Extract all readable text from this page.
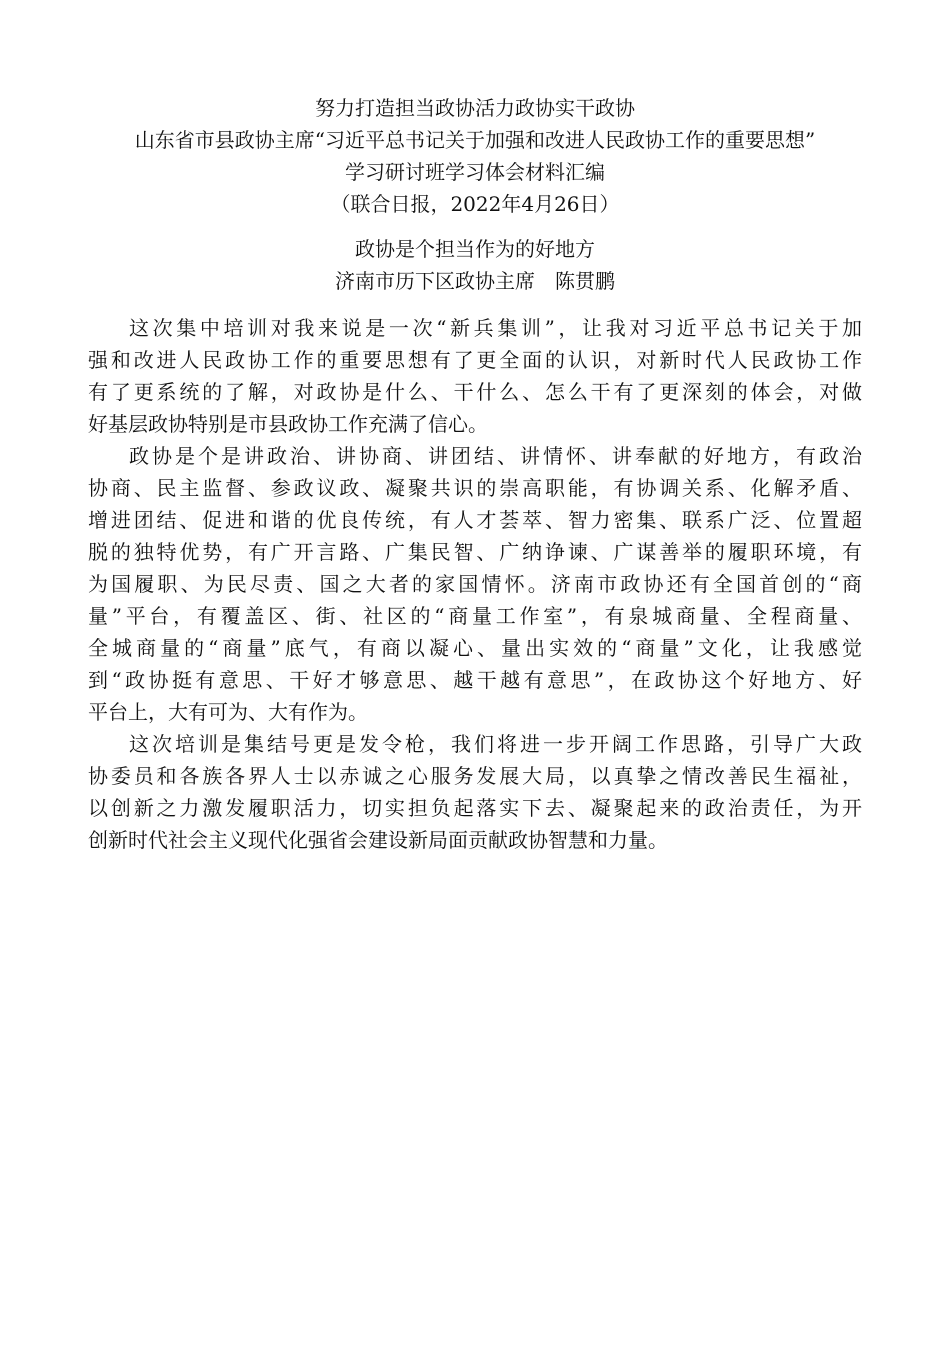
努力打造担当政协活力政协实干政协
山东省市县政协主席“习近平总书记关于加强和改进人民政协工作的重要思想”
学习研讨班学习体会材料汇编
（联合日报，2022年4月26日）
政协是个担当作为的好地方
济南市历下区政协主席　陈贯鹏
这次集中培训对我来说是一次“新兵集训”，让我对习近平总书记关于加
强和改进人民政协工作的重要思想有了更全面的认识，对新时代人民政协工作
有了更系统的了解，对政协是什么、干什么、怎么干有了更深刻的体会，对做
好基层政协特别是市县政协工作充满了信心。
政协是个是讲政治、讲协商、讲团结、讲情怀、讲奉献的好地方，有政治
协商、民主监督、参政议政、凝聚共识的崇高职能，有协调关系、化解矛盾、
增进团结、促进和谐的优良传统，有人才荟萃、智力密集、联系广泛、位置超
脱的独特优势，有广开言路、广集民智、广纳诤谏、广谋善举的履职环境，有
为国履职、为民尽责、国之大者的家国情怀。济南市政协还有全国首创的“商
量”平台，有覆盖区、街、社区的“商量工作室”，有泉城商量、全程商量、
全城商量的“商量”底气，有商以凝心、量出实效的“商量”文化，让我感觉
到“政协挺有意思、干好才够意思、越干越有意思”，在政协这个好地方、好
平台上，大有可为、大有作为。
这次培训是集结号更是发令枪，我们将进一步开阔工作思路，引导广大政
协委员和各族各界人士以赤诚之心服务发展大局，以真挚之情改善民生福祉，
以创新之力激发履职活力，切实担负起落实下去、凝聚起来的政治责任，为开
创新时代社会主义现代化强省会建设新局面贡献政协智慧和力量。
